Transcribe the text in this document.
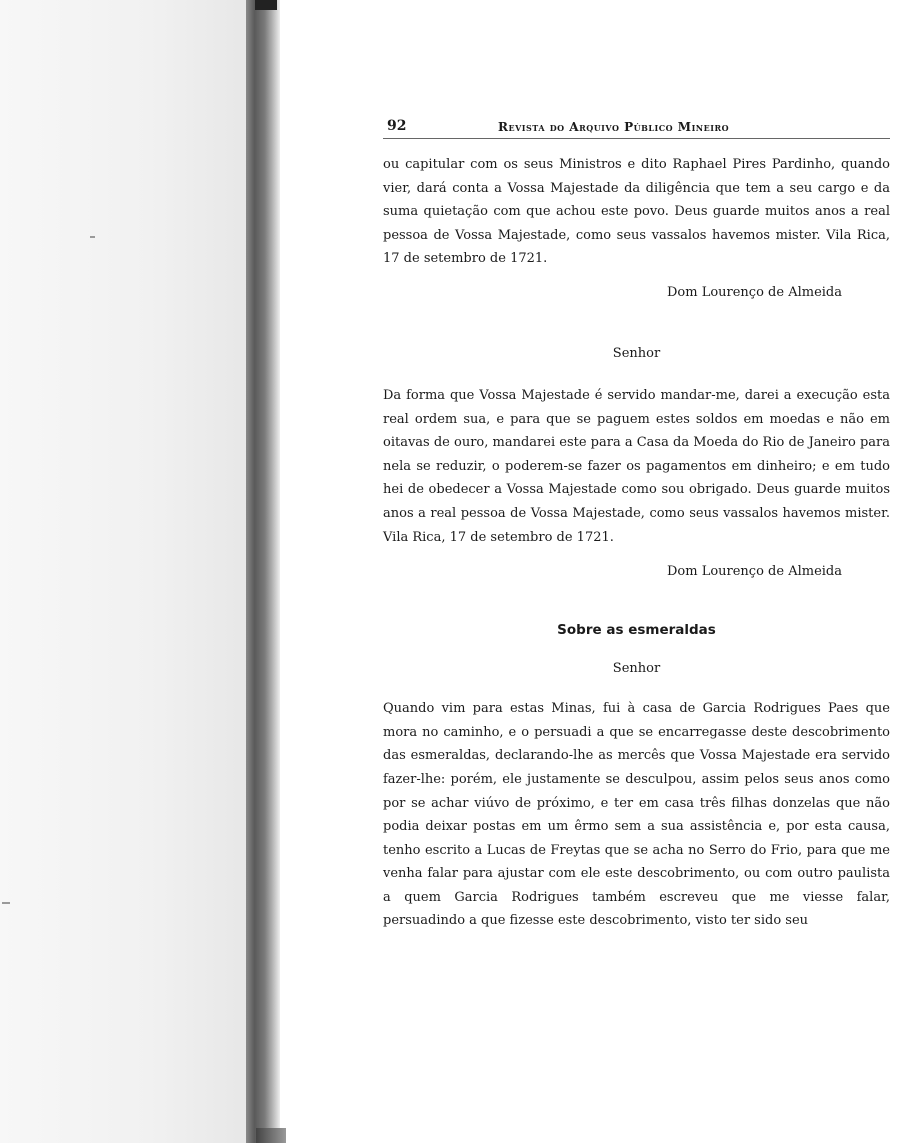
92	Revista do Arquivo Público Mineiro

ou capitular com os seus Ministros e dito Raphael Pires Pardinho, quando vier, dará conta a Vossa Majestade da diligência que tem a seu cargo e da suma quietação com que achou este povo. Deus guarde muitos anos a real pessoa de Vossa Majestade, como seus vassalos havemos mister. Vila Rica, 17 de setembro de 1721.

Dom Lourenço de Almeida
Senhor

Da forma que Vossa Majestade é servido mandar-me, darei a execução esta real ordem sua, e para que se paguem estes soldos em moedas e não em oitavas de ouro, mandarei este para a Casa da Moeda do Rio de Janeiro para nela se reduzir, o poderem-se fazer os pagamentos em dinheiro; e em tudo hei de obedecer a Vossa Majestade como sou obrigado. Deus guarde muitos anos a real pessoa de Vossa Majestade, como seus vassalos havemos mister. Vila Rica, 17 de setembro de 1721.

Dom Lourenço de Almeida
Sobre as esmeraldas
Senhor

Quando vim para estas Minas, fui à casa de Garcia Rodrigues Paes que mora no caminho, e o persuadi a que se encarregasse deste descobrimento das esmeraldas, declarando-lhe as mercês que Vossa Majestade era servido fazer-lhe: porém, ele justamente se desculpou, assim pelos seus anos como por se achar viúvo de próximo, e ter em casa três filhas donzelas que não podia deixar postas em um êrmo sem a sua assistência e, por esta causa, tenho escrito a Lucas de Freytas que se acha no Serro do Frio, para que me venha falar para ajustar com ele este descobrimento, ou com outro paulista a quem Garcia Rodrigues também escreveu que me viesse falar, persuadindo a que fizesse este descobrimento, visto ter sido seu
